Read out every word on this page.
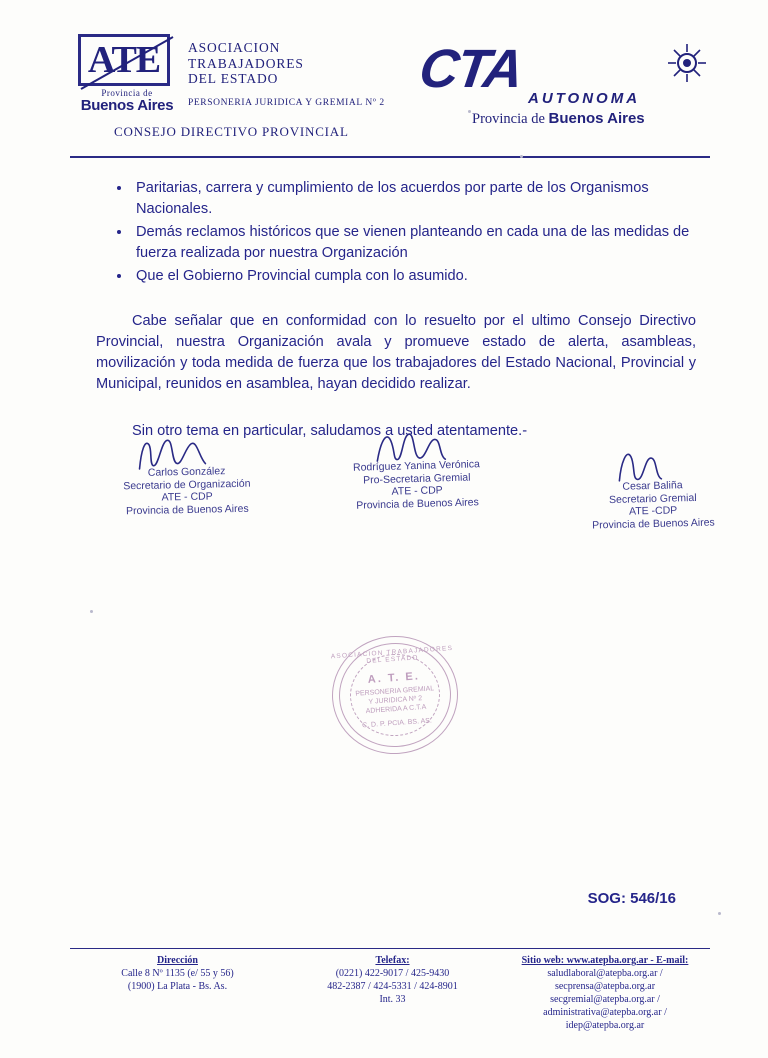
ATE
Provincia de
Buenos Aires
ASOCIACION
TRABAJADORES
DEL ESTADO
PERSONERIA JURIDICA Y GREMIAL Nº 2
CONSEJO DIRECTIVO PROVINCIAL
CTA AUTONOMA
Provincia de Buenos Aires
• Paritarias, carrera y cumplimiento de los acuerdos por parte de los Organismos Nacionales.
• Demás reclamos históricos que se vienen planteando en cada una de las medidas de fuerza realizada por nuestra Organización
• Que el Gobierno Provincial cumpla con lo asumido.

Cabe señalar que en conformidad con lo resuelto por el ultimo Consejo Directivo Provincial, nuestra Organización avala y promueve estado de alerta, asambleas, movilización y toda medida de fuerza que los trabajadores del Estado Nacional, Provincial y Municipal, reunidos en asamblea, hayan decidido realizar.

Sin otro tema en particular, saludamos a usted atentamente.-

Carlos González
Secretario de Organización
ATE - CDP
Provincia de Buenos Aires
Rodríguez Yanina Verónica
Pro-Secretaria Gremial
ATE - CDP
Provincia de Buenos Aires
Cesar Baliña
Secretario Gremial
ATE -CDP
Provincia de Buenos Aires
ASOCIACION TRABAJADORES DEL ESTADO
A. T. E.
PERSONERIA GREMIAL
Y JURIDICA Nº 2
ADHERIDA A C.T.A
C. D. P. PCIA. BS. AS.
SOG: 546/16
Dirección
Calle 8 Nº 1135 (e/ 55 y 56)
(1900) La Plata - Bs. As.
Telefax:
(0221) 422-9017 / 425-9430
482-2387 / 424-5331 / 424-8901
Int. 33
Sitio web: www.atepba.org.ar - E-mail:
saludlaboral@atepba.org.ar / secprensa@atepba.org.ar
secgremial@atepba.org.ar / administrativa@atepba.org.ar /
idep@atepba.org.ar
